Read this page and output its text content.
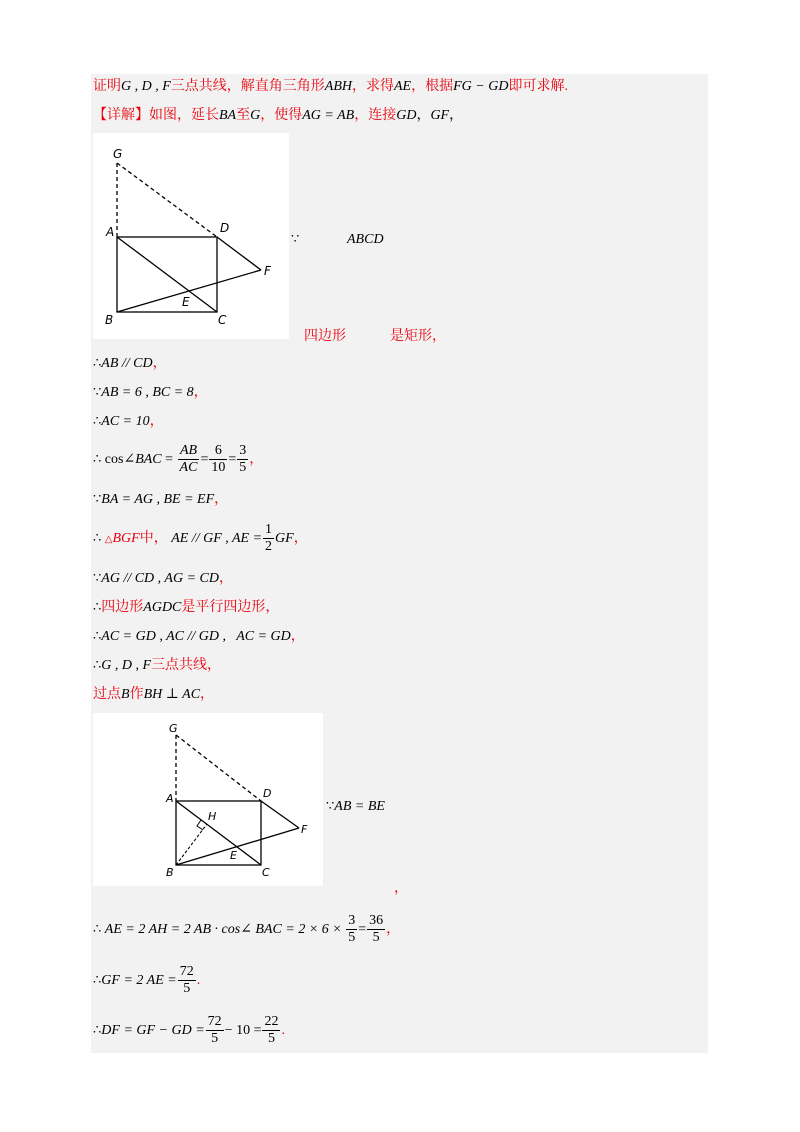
证明G , D , F三点共线，解直角三角形ABH，求得AE，根据FG − GD即可求解.
【详解】如图，延长BA至G，使得AG = AB，连接GD，GF，
G
A	D
F
E
B	C
∵	ABCD
四边形	是矩形，
∴AB // CD，
∵AB = 6 , BC = 8，
∴AC = 10，
∴ cos∠BAC = $\frac{AB}{AC} = \frac{6}{10} = \frac{3}{5}$ ，
∵BA = AG , BE = EF，
∴ △BGF中， AE // GF , AE = $\frac{1}{2}$ GF，
∵AG // CD , AG = CD，
∴四边形AGDC是平行四边形，
∴AC = GD , AC // GD ,   AC = GD，
∴G , D , F三点共线，
过点B作BH ⊥ AC，
G
A	D
F
H
E
B	C
∵AB = BE
，
∴ AE = 2 AH = 2 AB · cos∠ BAC = $2 \times 6 \times \frac{3}{5} = \frac{36}{5}$ ，
∴GF = 2 AE = $\frac{72}{5}$ .
∴DF = GF − GD = $\frac{72}{5} - 10 = \frac{22}{5}$ .
